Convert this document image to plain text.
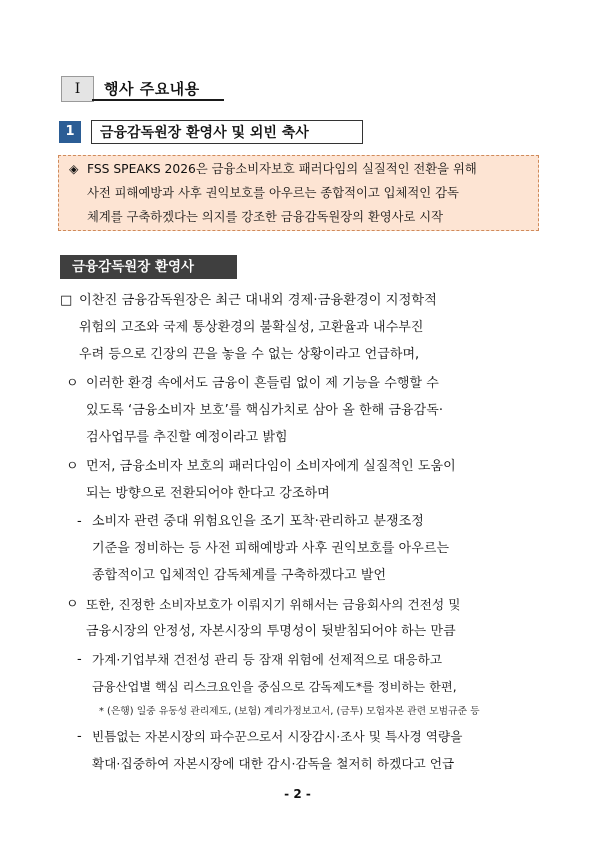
Ⅰ	행사 주요내용
1	금융감독원장 환영사 및 외빈 축사
◈ FSS SPEAKS 2026은 금융소비자보호 패러다임의 실질적인 전환을 위해
사전 피해예방과 사후 권익보호를 아우르는 종합적이고 입체적인 감독
체계를 구축하겠다는 의지를 강조한 금융감독원장의 환영사로 시작
금융감독원장 환영사
□ 이찬진 금융감독원장은 최근 대내외 경제·금융환경이 지정학적
위험의 고조와 국제 통상환경의 불확실성, 고환율과 내수부진
우려 등으로 긴장의 끈을 놓을 수 없는 상황이라고 언급하며,
ㅇ 이러한 환경 속에서도 금융이 흔들림 없이 제 기능을 수행할 수
있도록 ‘금융소비자 보호’를 핵심가치로 삼아 올 한해 금융감독·
검사업무를 추진할 예정이라고 밝힘
ㅇ 먼저, 금융소비자 보호의 패러다임이 소비자에게 실질적인 도움이
되는 방향으로 전환되어야 한다고 강조하며
- 소비자 관련 중대 위험요인을 조기 포착·관리하고 분쟁조정
기준을 정비하는 등 사전 피해예방과 사후 권익보호를 아우르는
종합적이고 입체적인 감독체계를 구축하겠다고 발언
ㅇ 또한, 진정한 소비자보호가 이뤄지기 위해서는 금융회사의 건전성 및
금융시장의 안정성, 자본시장의 투명성이 뒷받침되어야 하는 만큼
- 가계·기업부채 건전성 관리 등 잠재 위험에 선제적으로 대응하고
금융산업별 핵심 리스크요인을 중심으로 감독제도*를 정비하는 한편,
* (은행) 일중 유동성 관리제도, (보험) 계리가정보고서, (금투) 모험자본 관련 모범규준 등
- 빈틈없는 자본시장의 파수꾼으로서 시장감시·조사 및 특사경 역량을
확대·집중하여 자본시장에 대한 감시·감독을 철저히 하겠다고 언급
- 2 -
